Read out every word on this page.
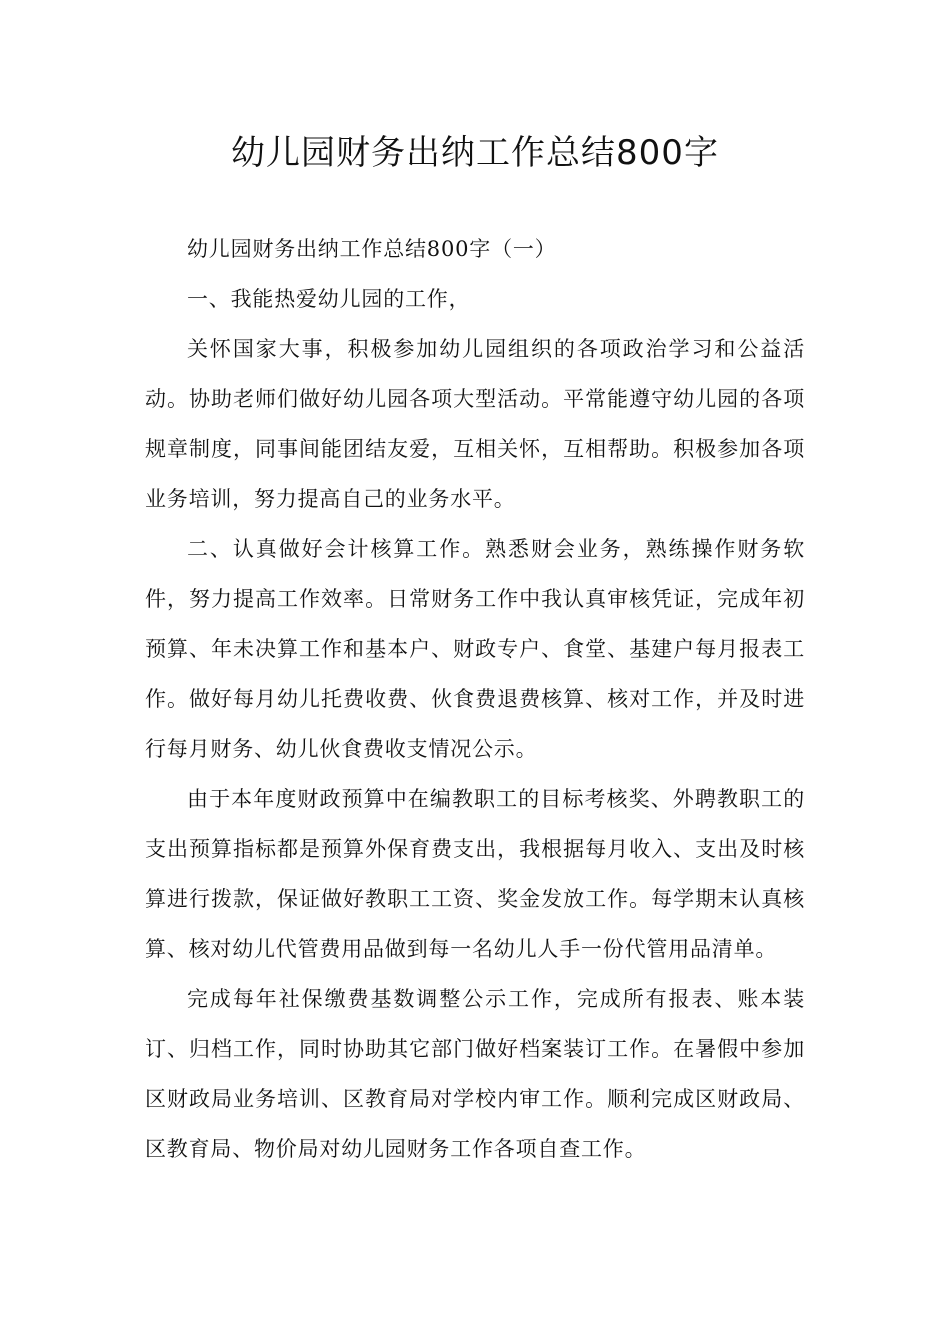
幼儿园财务出纳工作总结800字

幼儿园财务出纳工作总结800字（一）

一、我能热爱幼儿园的工作，

关怀国家大事，积极参加幼儿园组织的各项政治学习和公益活动。协助老师们做好幼儿园各项大型活动。平常能遵守幼儿园的各项规章制度，同事间能团结友爱，互相关怀，互相帮助。积极参加各项业务培训，努力提高自己的业务水平。

二、认真做好会计核算工作。熟悉财会业务，熟练操作财务软件，努力提高工作效率。日常财务工作中我认真审核凭证，完成年初预算、年未决算工作和基本户、财政专户、食堂、基建户每月报表工作。做好每月幼儿托费收费、伙食费退费核算、核对工作，并及时进行每月财务、幼儿伙食费收支情况公示。

由于本年度财政预算中在编教职工的目标考核奖、外聘教职工的支出预算指标都是预算外保育费支出，我根据每月收入、支出及时核算进行拨款，保证做好教职工工资、奖金发放工作。每学期末认真核算、核对幼儿代管费用品做到每一名幼儿人手一份代管用品清单。

完成每年社保缴费基数调整公示工作，完成所有报表、账本装订、归档工作，同时协助其它部门做好档案装订工作。在暑假中参加区财政局业务培训、区教育局对学校内审工作。顺利完成区财政局、区教育局、物价局对幼儿园财务工作各项自查工作。
